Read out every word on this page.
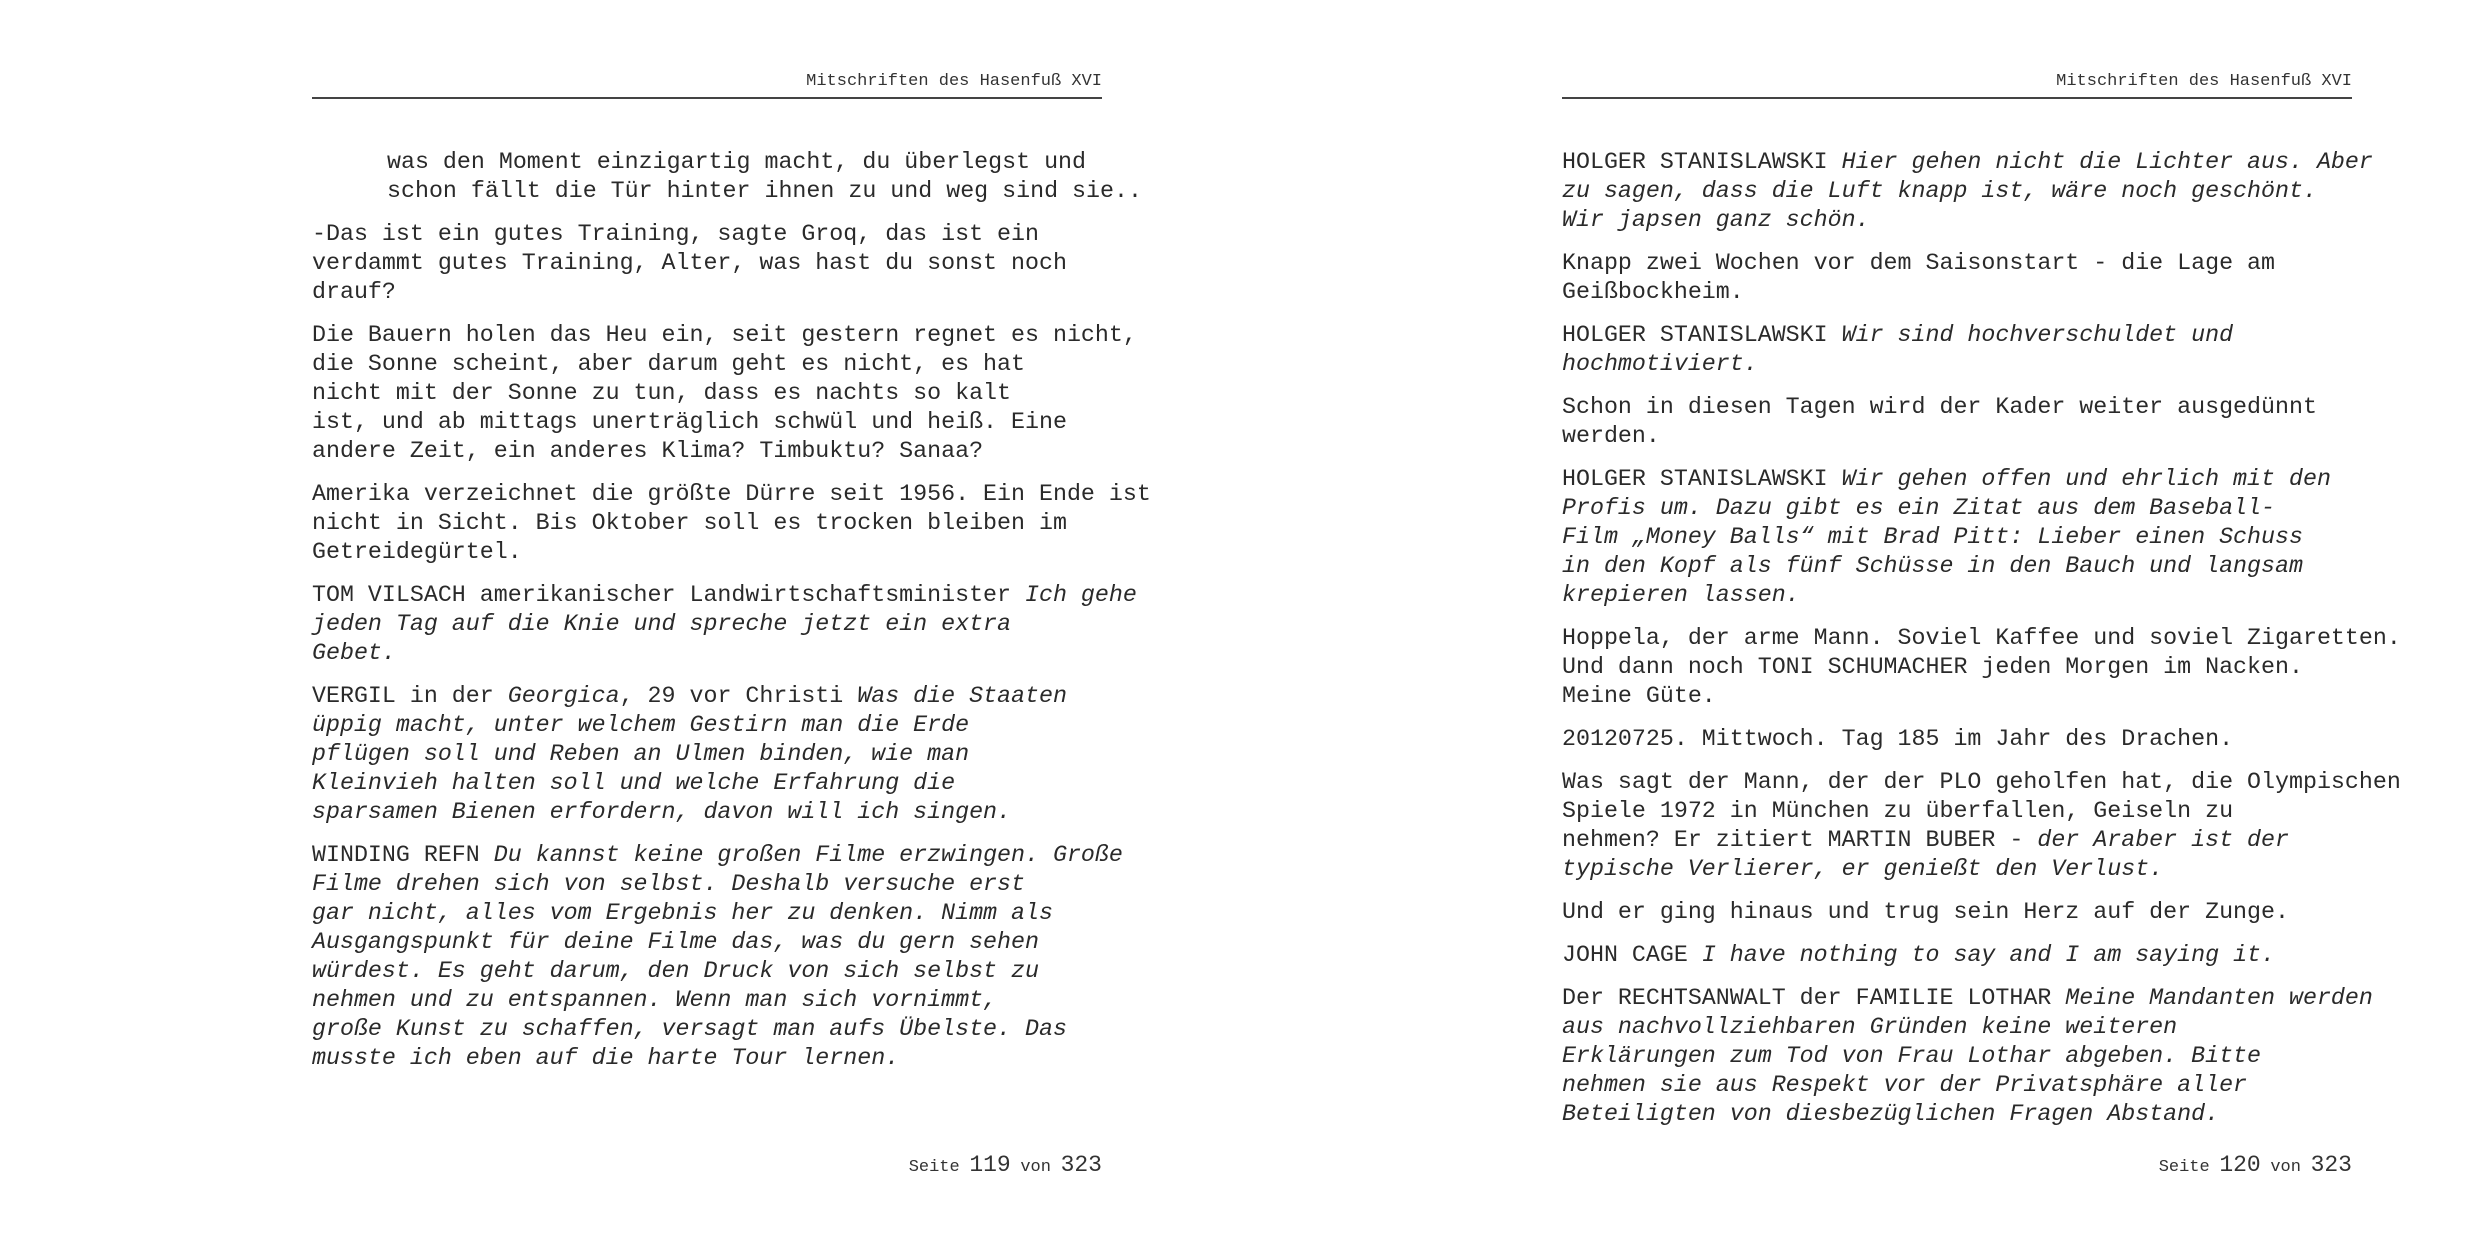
Mitschriften des Hasenfuß XVI

was den Moment einzigartig macht, du überlegst und
schon fällt die Tür hinter ihnen zu und weg sind sie..

-Das ist ein gutes Training, sagte Groq, das ist ein
verdammt gutes Training, Alter, was hast du sonst noch
drauf?

Die Bauern holen das Heu ein, seit gestern regnet es nicht,
die Sonne scheint, aber darum geht es nicht, es hat
nicht mit der Sonne zu tun, dass es nachts so kalt
ist, und ab mittags unerträglich schwül und heiß. Eine
andere Zeit, ein anderes Klima? Timbuktu? Sanaa?

Amerika verzeichnet die größte Dürre seit 1956. Ein Ende ist
nicht in Sicht. Bis Oktober soll es trocken bleiben im
Getreidegürtel.

TOM VILSACH amerikanischer Landwirtschaftsminister Ich gehe
jeden Tag auf die Knie und spreche jetzt ein extra
Gebet.

VERGIL in der Georgica, 29 vor Christi Was die Staaten
üppig macht, unter welchem Gestirn man die Erde
pflügen soll und Reben an Ulmen binden, wie man
Kleinvieh halten soll und welche Erfahrung die
sparsamen Bienen erfordern, davon will ich singen.

WINDING REFN Du kannst keine großen Filme erzwingen. Große
Filme drehen sich von selbst. Deshalb versuche erst
gar nicht, alles vom Ergebnis her zu denken. Nimm als
Ausgangspunkt für deine Filme das, was du gern sehen
würdest. Es geht darum, den Druck von sich selbst zu
nehmen und zu entspannen. Wenn man sich vornimmt,
große Kunst zu schaffen, versagt man aufs Übelste. Das
musste ich eben auf die harte Tour lernen.

Seite 119 von 323
Mitschriften des Hasenfuß XVI

HOLGER STANISLAWSKI Hier gehen nicht die Lichter aus. Aber
zu sagen, dass die Luft knapp ist, wäre noch geschönt.
Wir japsen ganz schön.

Knapp zwei Wochen vor dem Saisonstart - die Lage am
Geißbockheim.

HOLGER STANISLAWSKI Wir sind hochverschuldet und
hochmotiviert.

Schon in diesen Tagen wird der Kader weiter ausgedünnt
werden.

HOLGER STANISLAWSKI Wir gehen offen und ehrlich mit den
Profis um. Dazu gibt es ein Zitat aus dem Baseball-
Film „Money Balls“ mit Brad Pitt: Lieber einen Schuss
in den Kopf als fünf Schüsse in den Bauch und langsam
krepieren lassen.

Hoppela, der arme Mann. Soviel Kaffee und soviel Zigaretten.
Und dann noch TONI SCHUMACHER jeden Morgen im Nacken.
Meine Güte.

20120725. Mittwoch. Tag 185 im Jahr des Drachen.

Was sagt der Mann, der der PLO geholfen hat, die Olympischen
Spiele 1972 in München zu überfallen, Geiseln zu
nehmen? Er zitiert MARTIN BUBER - der Araber ist der
typische Verlierer, er genießt den Verlust.

Und er ging hinaus und trug sein Herz auf der Zunge.

JOHN CAGE I have nothing to say and I am saying it.

Der RECHTSANWALT der FAMILIE LOTHAR Meine Mandanten werden
aus nachvollziehbaren Gründen keine weiteren
Erklärungen zum Tod von Frau Lothar abgeben. Bitte
nehmen sie aus Respekt vor der Privatsphäre aller
Beteiligten von diesbezüglichen Fragen Abstand.

Seite 120 von 323
